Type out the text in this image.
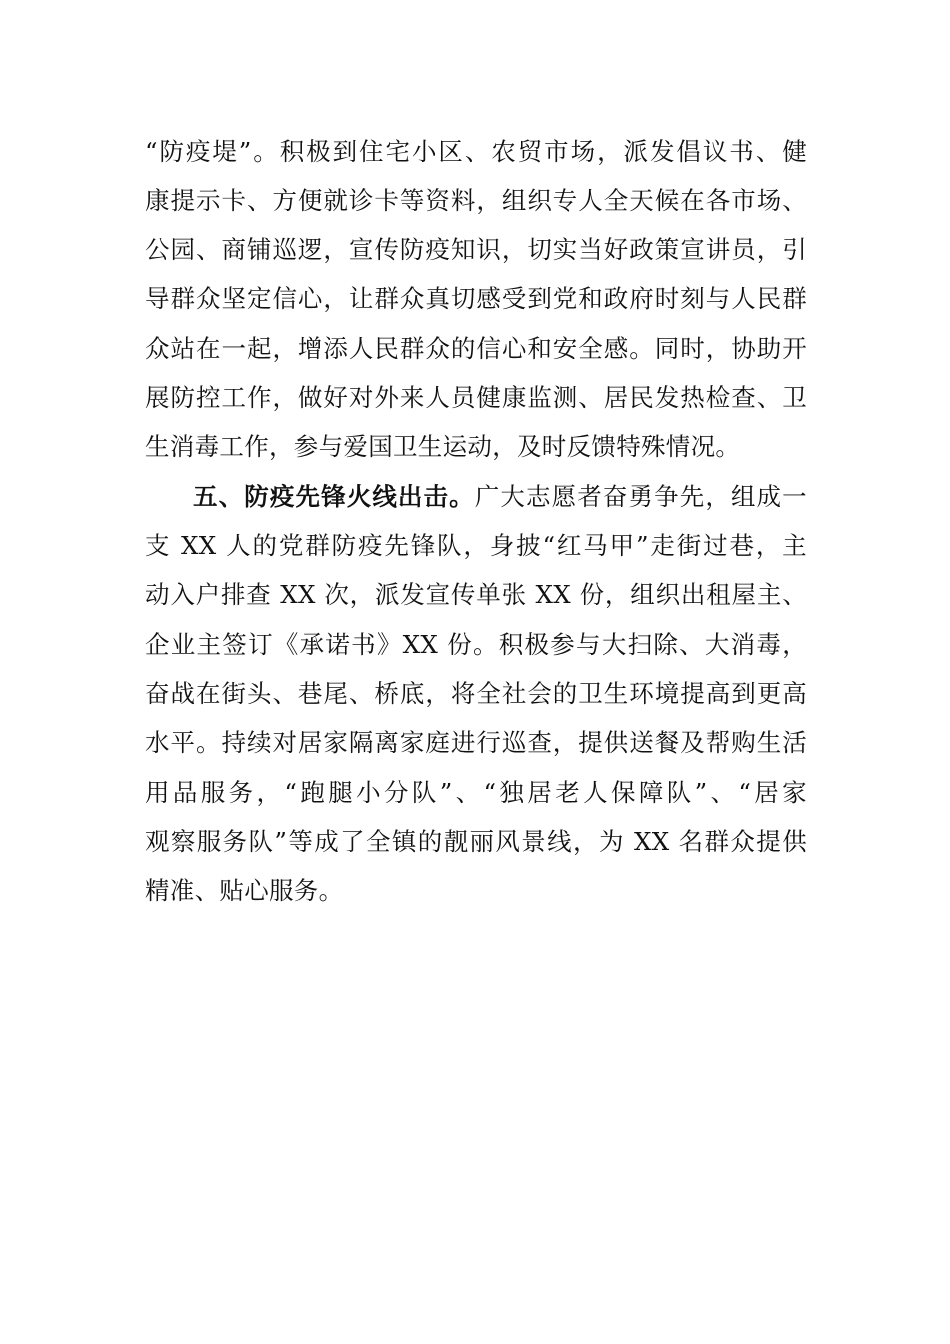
“防疫堤”。积极到住宅小区、农贸市场，派发倡议书、健
康提示卡、方便就诊卡等资料，组织专人全天候在各市场、
公园、商铺巡逻，宣传防疫知识，切实当好政策宣讲员，引
导群众坚定信心，让群众真切感受到党和政府时刻与人民群
众站在一起，增添人民群众的信心和安全感。同时，协助开
展防控工作，做好对外来人员健康监测、居民发热检查、卫
生消毒工作，参与爱国卫生运动，及时反馈特殊情况。
五、防疫先锋火线出击。广大志愿者奋勇争先，组成一
支 XX 人的党群防疫先锋队，身披“红马甲”走街过巷，主
动入户排查 XX 次，派发宣传单张 XX 份，组织出租屋主、
企业主签订《承诺书》XX 份。积极参与大扫除、大消毒，
奋战在街头、巷尾、桥底，将全社会的卫生环境提高到更高
水平。持续对居家隔离家庭进行巡查，提供送餐及帮购生活
用品服务，“跑腿小分队”、“独居老人保障队”、“居家
观察服务队”等成了全镇的靓丽风景线，为 XX 名群众提供
精准、贴心服务。
